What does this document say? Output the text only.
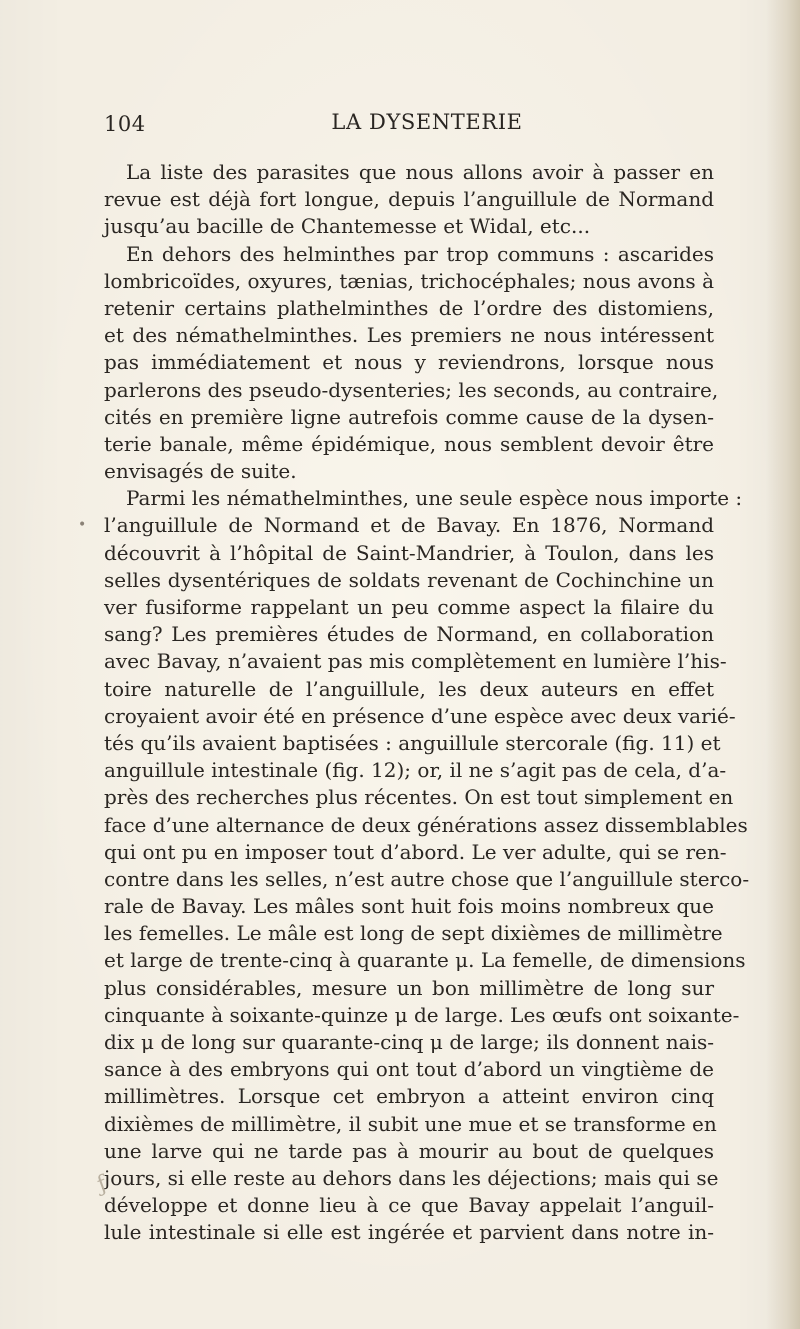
104	LA DYSENTERIE
•
La liste des parasites que nous allons avoir à passer en
revue est déjà fort longue, depuis l’anguillule de Normand
jusqu’au bacille de Chantemesse et Widal, etc...
En dehors des helminthes par trop communs : ascarides
lombricoïdes, oxyures, tænias, trichocéphales; nous avons à
retenir certains plathelminthes de l’ordre des distomiens,
et des némathelminthes. Les premiers ne nous intéressent
pas immédiatement et nous y reviendrons, lorsque nous
parlerons des pseudo-dysenteries; les seconds, au contraire,
cités en première ligne autrefois comme cause de la dysen-
terie banale, même épidémique, nous semblent devoir être
envisagés de suite.
Parmi les némathelminthes, une seule espèce nous importe :
l’anguillule de Normand et de Bavay. En 1876, Normand
découvrit à l’hôpital de Saint-Mandrier, à Toulon, dans les
selles dysentériques de soldats revenant de Cochinchine un
ver fusiforme rappelant un peu comme aspect la filaire du
sang? Les premières études de Normand, en collaboration
avec Bavay, n’avaient pas mis complètement en lumière l’his-
toire naturelle de l’anguillule, les deux auteurs en effet
croyaient avoir été en présence d’une espèce avec deux varié-
tés qu’ils avaient baptisées : anguillule stercorale (fig. 11) et
anguillule intestinale (fig. 12); or, il ne s’agit pas de cela, d’a-
près des recherches plus récentes. On est tout simplement en
face d’une alternance de deux générations assez dissemblables
qui ont pu en imposer tout d’abord. Le ver adulte, qui se ren-
contre dans les selles, n’est autre chose que l’anguillule sterco-
rale de Bavay. Les mâles sont huit fois moins nombreux que
les femelles. Le mâle est long de sept dixièmes de millimètre
et large de trente-cinq à quarante μ. La femelle, de dimensions
plus considérables, mesure un bon millimètre de long sur
cinquante à soixante-quinze μ de large. Les œufs ont soixante-
dix μ de long sur quarante-cinq μ de large; ils donnent nais-
sance à des embryons qui ont tout d’abord un vingtième de
millimètres. Lorsque cet embryon a atteint environ cinq
dixièmes de millimètre, il subit une mue et se transforme en
une larve qui ne tarde pas à mourir au bout de quelques
jours, si elle reste au dehors dans les déjections; mais qui se
développe et donne lieu à ce que Bavay appelait l’anguil-
lule intestinale si elle est ingérée et parvient dans notre in-
ƒ
